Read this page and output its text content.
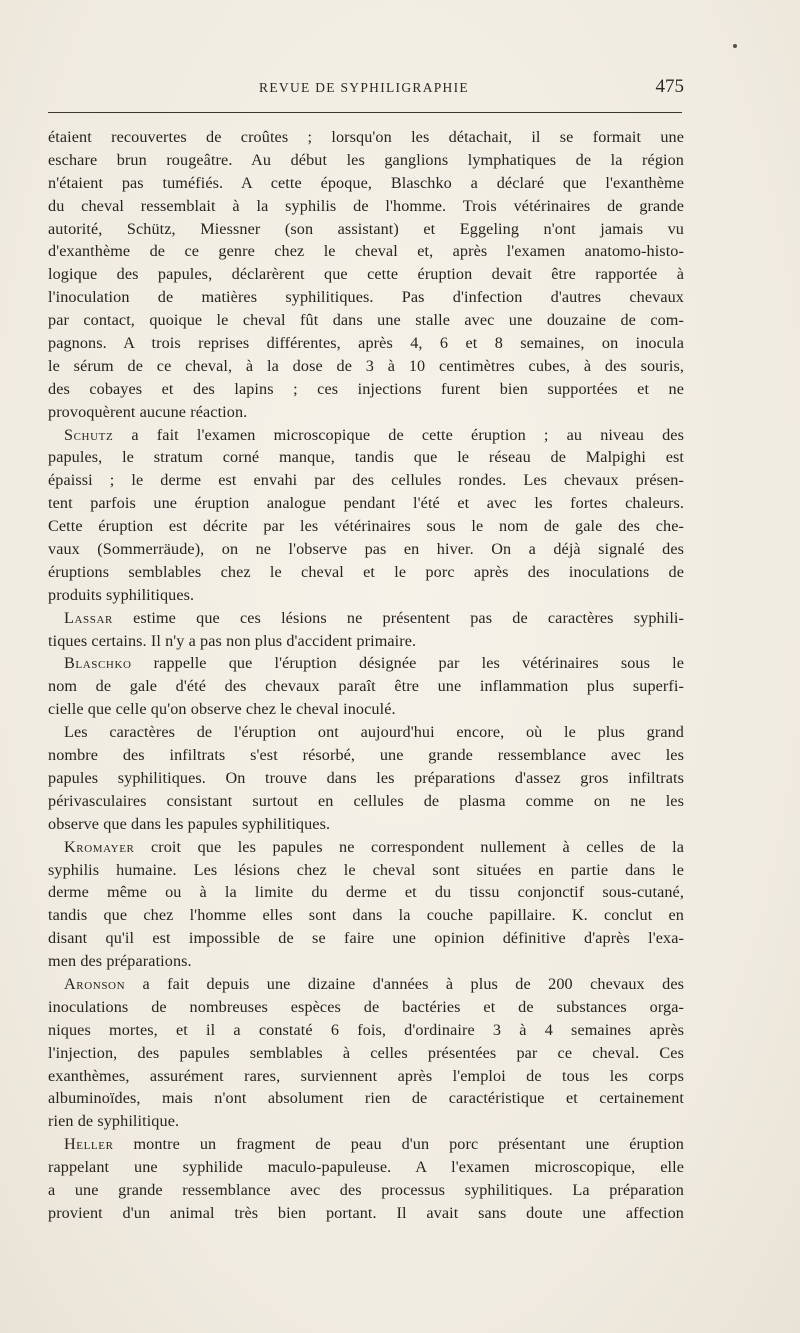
REVUE DE SYPHILIGRAPHIE	475
étaient recouvertes de croûtes ; lorsqu'on les détachait, il se formait une
eschare brun rougeâtre. Au début les ganglions lymphatiques de la région
n'étaient pas tuméfiés. A cette époque, Blaschko a déclaré que l'exanthème
du cheval ressemblait à la syphilis de l'homme. Trois vétérinaires de grande
autorité, Schütz, Miessner (son assistant) et Eggeling n'ont jamais vu
d'exanthème de ce genre chez le cheval et, après l'examen anatomo-histo-
logique des papules, déclarèrent que cette éruption devait être rapportée à
l'inoculation de matières syphilitiques. Pas d'infection d'autres chevaux
par contact, quoique le cheval fût dans une stalle avec une douzaine de com-
pagnons. A trois reprises différentes, après 4, 6 et 8 semaines, on inocula
le sérum de ce cheval, à la dose de 3 à 10 centimètres cubes, à des souris,
des cobayes et des lapins ; ces injections furent bien supportées et ne
provoquèrent aucune réaction.
Schutz a fait l'examen microscopique de cette éruption ; au niveau des
papules, le stratum corné manque, tandis que le réseau de Malpighi est
épaissi ; le derme est envahi par des cellules rondes. Les chevaux présen-
tent parfois une éruption analogue pendant l'été et avec les fortes chaleurs.
Cette éruption est décrite par les vétérinaires sous le nom de gale des che-
vaux (Sommerräude), on ne l'observe pas en hiver. On a déjà signalé des
éruptions semblables chez le cheval et le porc après des inoculations de
produits syphilitiques.
Lassar estime que ces lésions ne présentent pas de caractères syphili-
tiques certains. Il n'y a pas non plus d'accident primaire.
Blaschko rappelle que l'éruption désignée par les vétérinaires sous le
nom de gale d'été des chevaux paraît être une inflammation plus superfi-
cielle que celle qu'on observe chez le cheval inoculé.
Les caractères de l'éruption ont aujourd'hui encore, où le plus grand
nombre des infiltrats s'est résorbé, une grande ressemblance avec les
papules syphilitiques. On trouve dans les préparations d'assez gros infiltrats
périvasculaires consistant surtout en cellules de plasma comme on ne les
observe que dans les papules syphilitiques.
Kromayer croit que les papules ne correspondent nullement à celles de la
syphilis humaine. Les lésions chez le cheval sont situées en partie dans le
derme même ou à la limite du derme et du tissu conjonctif sous-cutané,
tandis que chez l'homme elles sont dans la couche papillaire. K. conclut en
disant qu'il est impossible de se faire une opinion définitive d'après l'exa-
men des préparations.
Aronson a fait depuis une dizaine d'années à plus de 200 chevaux des
inoculations de nombreuses espèces de bactéries et de substances orga-
niques mortes, et il a constaté 6 fois, d'ordinaire 3 à 4 semaines après
l'injection, des papules semblables à celles présentées par ce cheval. Ces
exanthèmes, assurément rares, surviennent après l'emploi de tous les corps
albuminoïdes, mais n'ont absolument rien de caractéristique et certainement
rien de syphilitique.
Heller montre un fragment de peau d'un porc présentant une éruption
rappelant une syphilide maculo-papuleuse. A l'examen microscopique, elle
a une grande ressemblance avec des processus syphilitiques. La préparation
provient d'un animal très bien portant. Il avait sans doute une affection
